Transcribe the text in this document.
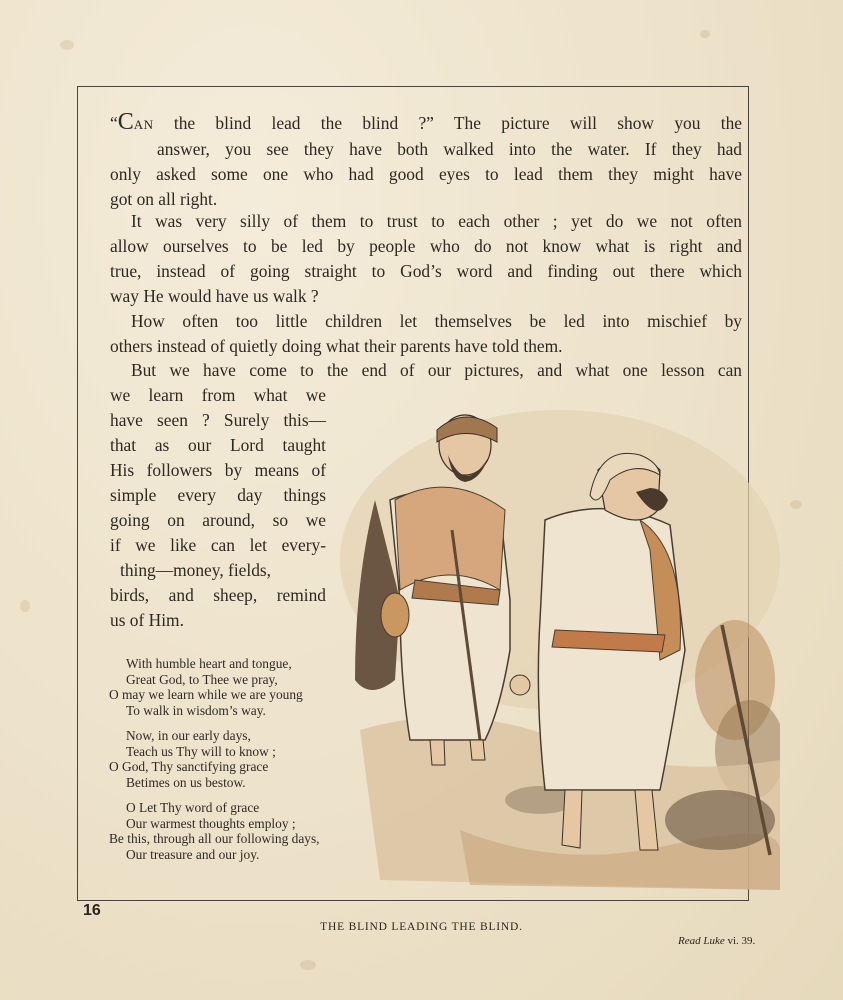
“CAN the blind lead the blind ?” The picture will show you the
answer, you see they have both walked into the water. If they had
only asked some one who had good eyes to lead them they might have
got on all right.
It was very silly of them to trust to each other ; yet do we not often
allow ourselves to be led by people who do not know what is right and
true, instead of going straight to God’s word and finding out there which
way He would have us walk ?
How often too little children let themselves be led into mischief by
others instead of quietly doing what their parents have told them.
But we have come to the end of our pictures, and what one lesson can
we learn from what we
have seen ? Surely this—
that as our Lord taught
His followers by means of
simple every day things
going on around, so we
if we like can let every-
thing—money, fields,
birds, and sheep, remind
us of Him.
With humble heart and tongue,
Great God, to Thee we pray,
O may we learn while we are young
To walk in wisdom’s way.
Now, in our early days,
Teach us Thy will to know ;
O God, Thy sanctifying grace
Betimes on us bestow.
O Let Thy word of grace
Our warmest thoughts employ ;
Be this, through all our following days,
Our treasure and our joy.
16
THE BLIND LEADING THE BLIND.
Read Luke vi. 39.
